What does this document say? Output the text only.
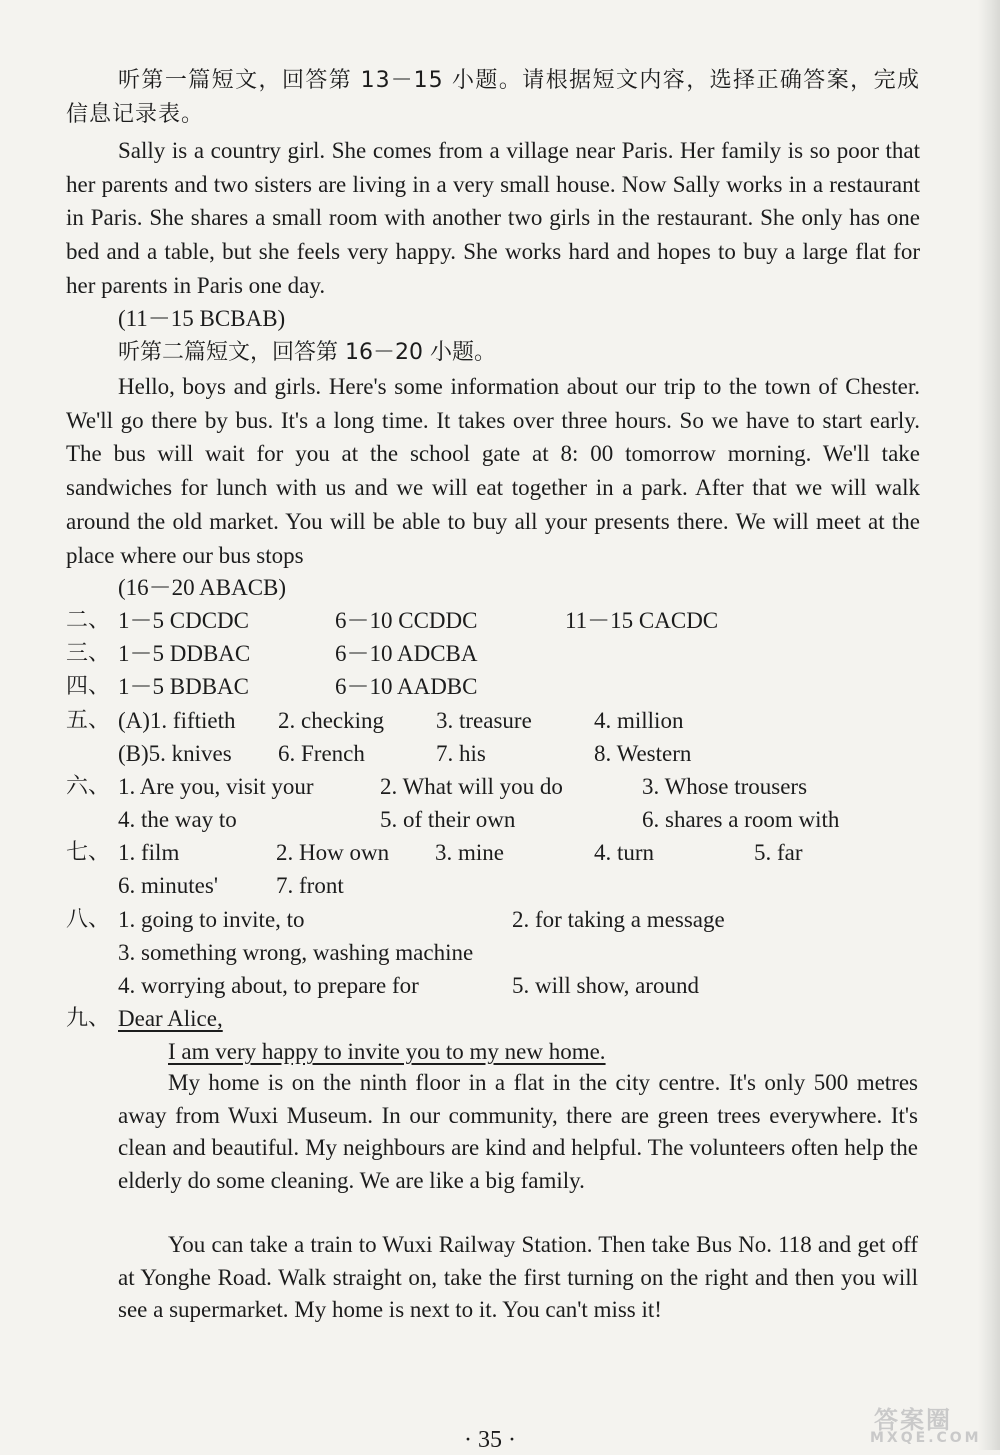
听第一篇短文，回答第 13－15 小题。请根据短文内容，选择正确答案，完成信息记录表。

Sally is a country girl. She comes from a village near Paris. Her family is so poor that her parents and two sisters are living in a very small house. Now Sally works in a restaurant in Paris. She shares a small room with another two girls in the restaurant. She only has one bed and a table, but she feels very happy. She works hard and hopes to buy a large flat for her parents in Paris one day.

(11－15 BCBAB)
听第二篇短文，回答第 16－20 小题。

Hello, boys and girls. Here's some information about our trip to the town of Chester. We'll go there by bus. It's a long time. It takes over three hours. So we have to start early. The bus will wait for you at the school gate at 8: 00 tomorrow morning. We'll take sandwiches for lunch with us and we will eat together in a park. After that we will walk around the old market. You will be able to buy all your presents there. We will meet at the place where our bus stops

(16－20 ABACB)
二、 1－5 CDCDC	6－10 CCDDC	11－15 CACDC
三、 1－5 DDBAC	6－10 ADCBA
四、 1－5 BDBAC	6－10 AADBC
五、 (A)1. fiftieth 2. checking 3. treasure	4. million
(B)5. knives 6. French	7. his	8. Western
六、 1. Are you, visit your	2. What will you do	3. Whose trousers
4. the way to	5. of their own	6. shares a room with
七、 1. film	2. How own 3. mine	4. turn	5. far
6. minutes'	7. front
八、 1. going to invite, to	2. for taking a message
3. something wrong, washing machine
4. worrying about, to prepare for	5. will show, around
九、 Dear Alice,
I am very happy to invite you to my new home.

My home is on the ninth floor in a flat in the city centre. It's only 500 metres away from Wuxi Museum. In our community, there are green trees everywhere. It's clean and beautiful. My neighbours are kind and helpful. The volunteers often help the elderly do some cleaning. We are like a big family.

You can take a train to Wuxi Railway Station. Then take Bus No. 118 and get off at Yonghe Road. Walk straight on, take the first turning on the right and then you will see a supermarket. My home is next to it. You can't miss it!

· 35 ·
答案圈
MXQE.COM
